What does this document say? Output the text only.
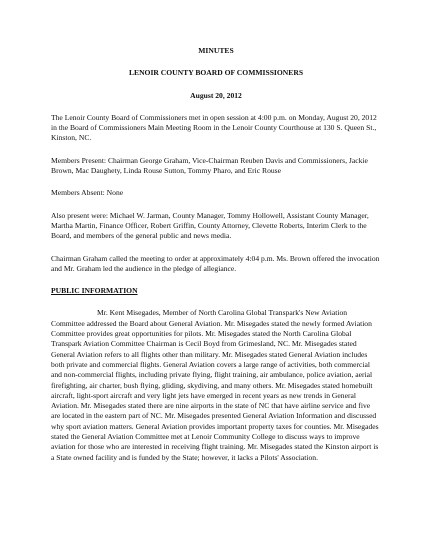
MINUTES

LENOIR COUNTY BOARD OF COMMISSIONERS

August 20, 2012

The Lenoir County Board of Commissioners met in open session at 4:00 p.m. on Monday, August 20, 2012 in the Board of Commissioners Main Meeting Room in the Lenoir County Courthouse at 130 S. Queen St., Kinston, NC.

Members Present: Chairman George Graham, Vice-Chairman Reuben Davis and Commissioners, Jackie Brown, Mac Daughety, Linda Rouse Sutton, Tommy Pharo, and Eric Rouse

Members Absent: None

Also present were: Michael W. Jarman, County Manager, Tommy Hollowell, Assistant County Manager, Martha Martin, Finance Officer, Robert Griffin, County Attorney, Clevette Roberts, Interim Clerk to the Board, and members of the general public and news media.

Chairman Graham called the meeting to order at approximately 4:04 p.m. Ms. Brown offered the invocation and Mr. Graham led the audience in the pledge of allegiance.

PUBLIC INFORMATION

Mr. Kent Misegades, Member of North Carolina Global Transpark's New Aviation Committee addressed the Board about General Aviation. Mr. Misegades stated the newly formed Aviation Committee provides great opportunities for pilots. Mr. Misegades stated the North Carolina Global Transpark Aviation Committee Chairman is Cecil Boyd from Grimesland, NC. Mr. Misegades stated General Aviation refers to all flights other than military. Mr. Misegades stated General Aviation includes both private and commercial flights. General Aviation covers a large range of activities, both commercial and non-commercial flights, including private flying, flight training, air ambulance, police aviation, aerial firefighting, air charter, bush flying, gliding, skydiving, and many others. Mr. Misegades stated homebuilt aircraft, light-sport aircraft and very light jets have emerged in recent years as new trends in General Aviation. Mr. Misegades stated there are nine airports in the state of NC that have airline service and five are located in the eastern part of NC. Mr. Misegades presented General Aviation Information and discussed why sport aviation matters. General Aviation provides important property taxes for counties. Mr. Misegades stated the General Aviation Committee met at Lenoir Community College to discuss ways to improve aviation for those who are interested in receiving flight training. Mr. Misegades stated the Kinston airport is a State owned facility and is funded by the State; however, it lacks a Pilots' Association.
